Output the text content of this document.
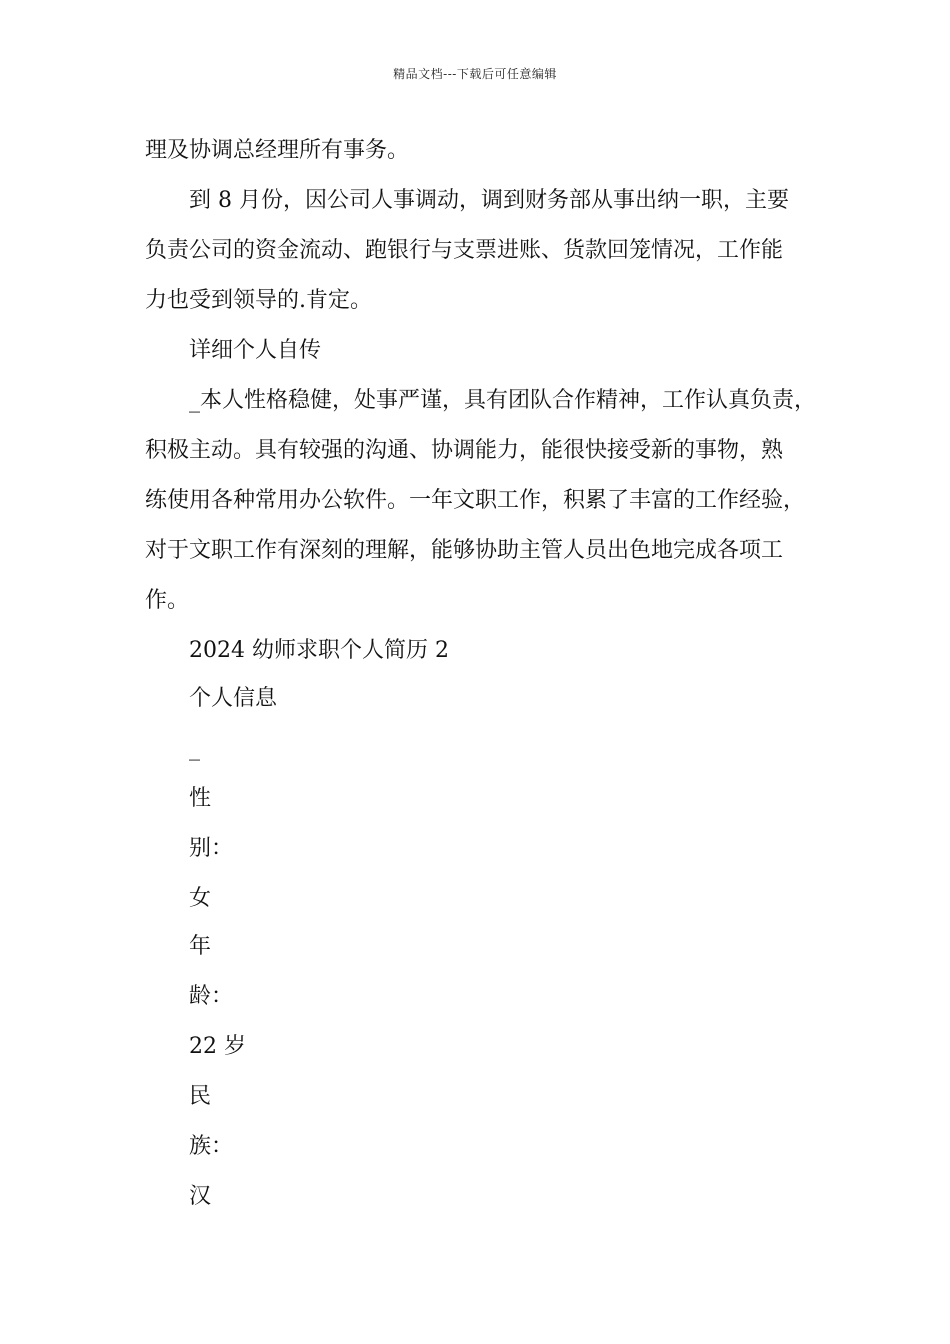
精品文档---下载后可任意编辑
理及协调总经理所有事务。
到 8 月份，因公司人事调动，调到财务部从事出纳一职，主要
负责公司的资金流动、跑银行与支票进账、货款回笼情况，工作能
力也受到领导的.肯定。
详细个人自传
_本人性格稳健，处事严谨，具有团队合作精神，工作认真负责，
积极主动。具有较强的沟通、协调能力，能很快接受新的事物，熟
练使用各种常用办公软件。一年文职工作，积累了丰富的工作经验，
对于文职工作有深刻的理解，能够协助主管人员出色地完成各项工
作。
2024 幼师求职个人简历 2
个人信息
_
性
别：
女
年
龄：
22 岁
民
族：
汉
